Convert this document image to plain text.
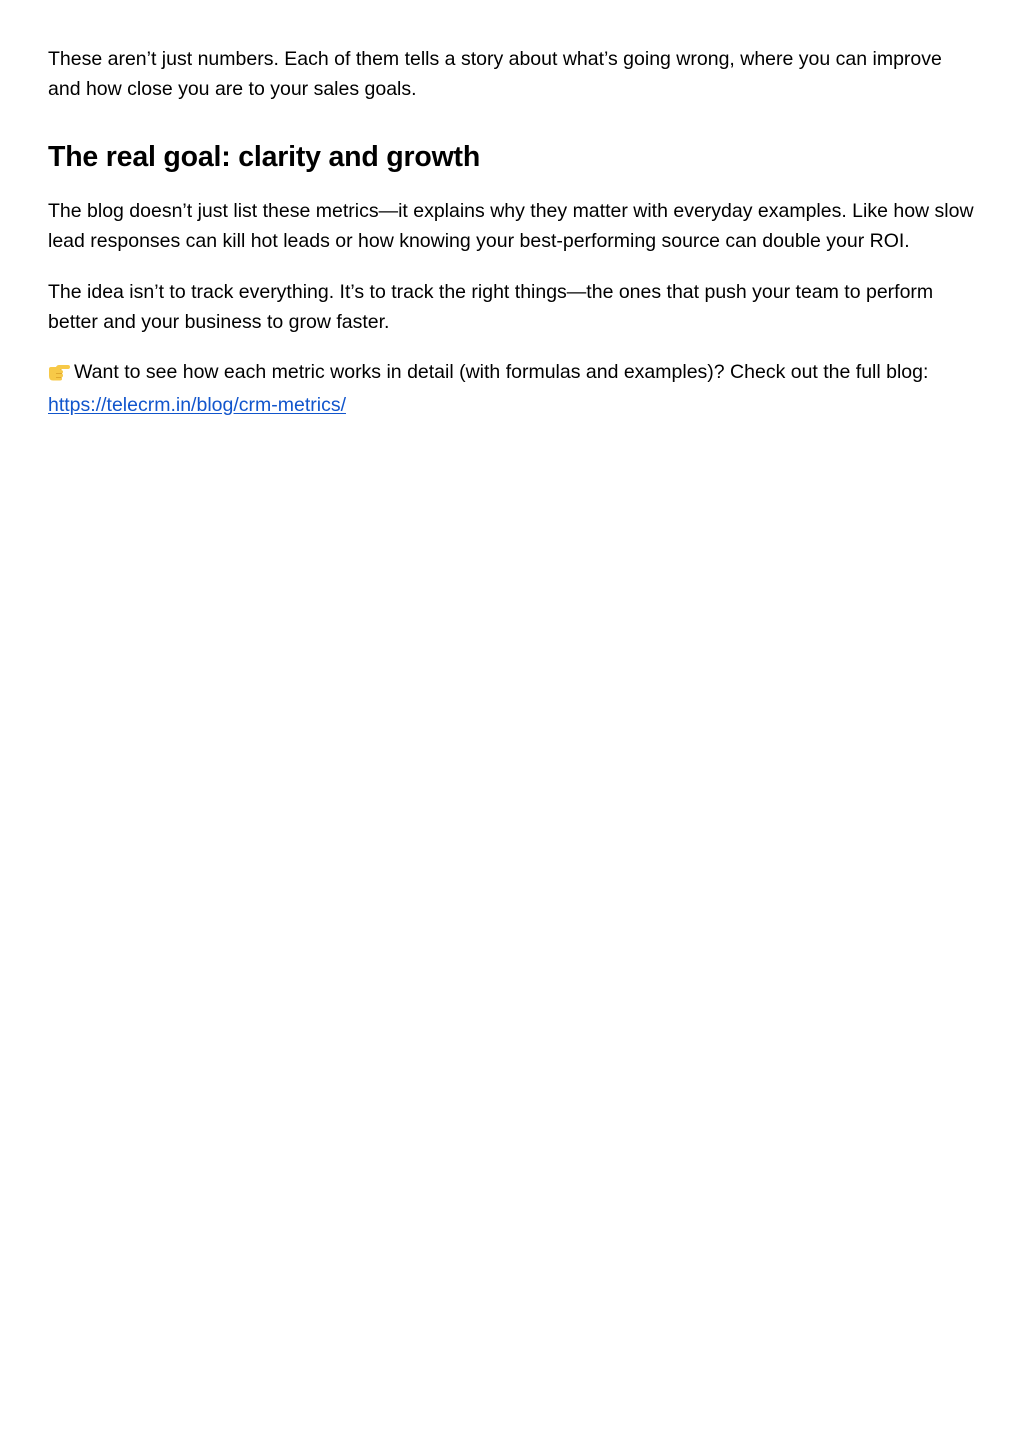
These aren’t just numbers. Each of them tells a story about what’s going wrong, where you can improve and how close you are to your sales goals.

The real goal: clarity and growth

The blog doesn’t just list these metrics—it explains why they matter with everyday examples. Like how slow lead responses can kill hot leads or how knowing your best-performing source can double your ROI.

The idea isn’t to track everything. It’s to track the right things—the ones that push your team to perform better and your business to grow faster.

Want to see how each metric works in detail (with formulas and examples)? Check out the full blog: https://telecrm.in/blog/crm-metrics/
